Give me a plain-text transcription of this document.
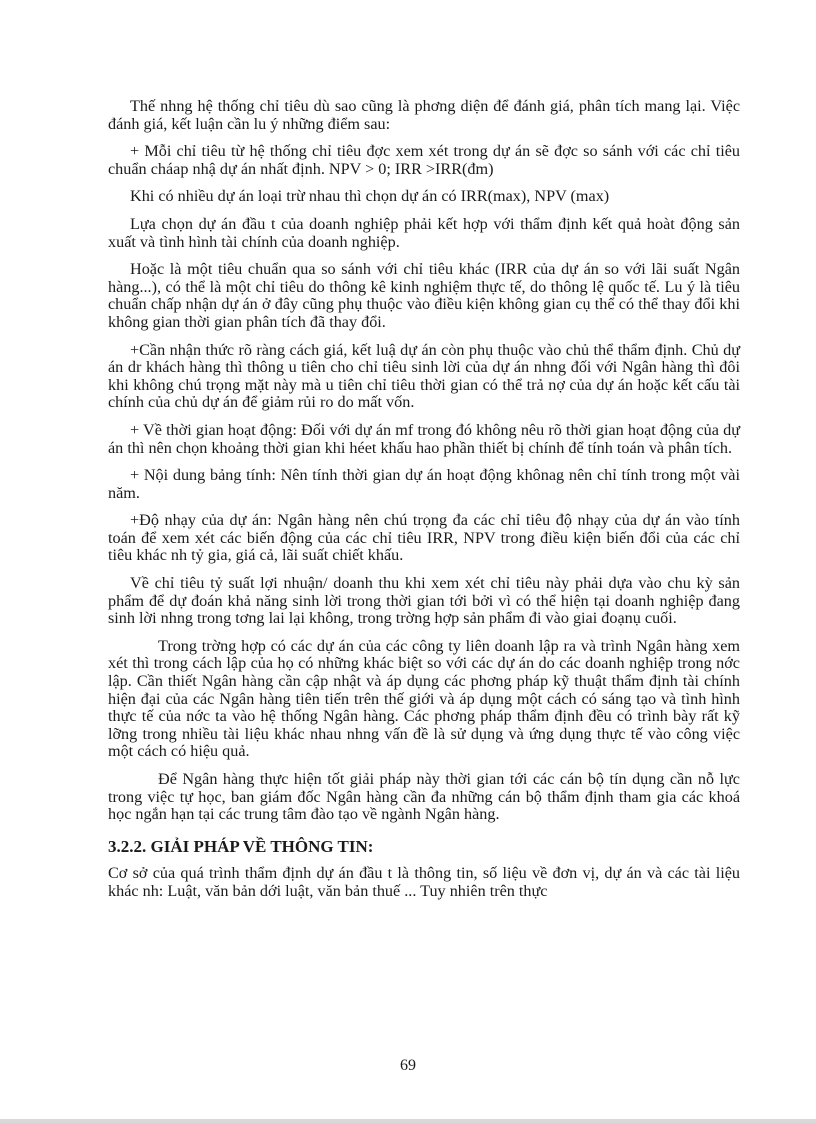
Thế nhng hệ thống chỉ tiêu dù sao cũng là phơng diện để đánh giá, phân tích mang lại. Việc đánh giá, kết luận cần lu ý những điểm sau:

+ Mỗi chỉ tiêu từ hệ thống chỉ tiêu đợc xem xét trong dự án sẽ đợc so sánh với các chỉ tiêu chuẩn cháap nhậ dự án nhất định. NPV > 0; IRR >IRR(đm)

Khi có nhiều dự án loại trừ nhau thì chọn dự án có IRR(max), NPV (max)

Lựa chọn dự án đầu t của doanh nghiệp phải kết hợp với thẩm định kết quả hoàt động sản xuất và tình hình tài chính của doanh nghiệp.

Hoặc là một tiêu chuẩn qua so sánh với chỉ tiêu khác (IRR của dự án so với lãi suất Ngân hàng...), có thể là một chỉ tiêu do thông kê kinh nghiệm thực tế, do thông lệ quốc tế. Lu ý là tiêu chuẩn chấp nhận dự án ở đây cũng phụ thuộc vào điều kiện không gian cụ thể có thể thay đổi khi không gian thời gian phân tích đã thay đổi.

+Cần nhận thức rõ ràng cách giá, kết luậ dự án còn phụ thuộc vào chủ thể thẩm định. Chủ dự án dr khách hàng thì thông u tiên cho chỉ tiêu sinh lời của dự án nhng đối với Ngân hàng thì đôi khi không chú trọng mặt này mà u tiên chỉ tiêu thời gian có thể trả nợ của dự án hoặc kết cấu tài chính của chủ dự án để giảm rủi ro do mất vốn.

+ Về thời gian hoạt động: Đối với dự án mf trong đó không nêu rõ thời gian hoạt động của dự án thì nên chọn khoảng thời gian khi héet khấu hao phần thiết bị chính để tính toán và phân tích.

+ Nội dung bảng tính: Nên tính thời gian dự án hoạt động khônag nên chỉ tính trong một vài năm.

+Độ nhạy của dự án: Ngân hàng nên chú trọng đa các chỉ tiêu độ nhạy của dự án vào tính toán để xem xét các biến động của các chỉ tiêu IRR, NPV trong điều kiện biến đổi của các chỉ tiêu khác nh tỷ gia, giá cả, lãi suất chiết khấu.

Về chỉ tiêu tỷ suất lợi nhuận/ doanh thu khi xem xét chỉ tiêu này phải dựa vào chu kỳ sản phẩm để dự đoán khả năng sinh lời trong thời gian tới bởi vì có thể hiện tại doanh nghiệp đang sinh lời nhng trong tơng lai lại không, trong trờng hợp sản phẩm đi vào giai đoạnụ cuối.

Trong trờng hợp có các dự án của các công ty liên doanh lập ra và trình Ngân hàng xem xét thì trong cách lập của họ có những khác biệt so với các dự án do các doanh nghiệp trong nớc lập. Cần thiết Ngân hàng cần cập nhật và áp dụng các phơng pháp kỹ thuật thẩm định tài chính hiện đại của các Ngân hàng tiên tiến trên thế giới và áp dụng một cách có sáng tạo và tình hình thực tế của nớc ta vào hệ thống Ngân hàng. Các phơng pháp thẩm định đều có trình bày rất kỹ lỡng trong nhiều tài liệu khác nhau nhng vấn đề là sử dụng và ứng dụng thực tế vào công việc một cách có hiệu quả.

Để Ngân hàng thực hiện tốt giải pháp này thời gian tới các cán bộ tín dụng cần nỗ lực trong việc tự học, ban giám đốc Ngân hàng cần đa những cán bộ thẩm định tham gia các khoá học ngắn hạn tại các trung tâm đào tạo về ngành Ngân hàng.

3.2.2. GIẢI PHÁP VỀ THÔNG TIN:

Cơ sở của quá trình thẩm định dự án đầu t là thông tin, số liệu về đơn vị, dự án và các tài liệu khác nh: Luật, văn bản dới luật, văn bản thuế ... Tuy nhiên trên thực

69
